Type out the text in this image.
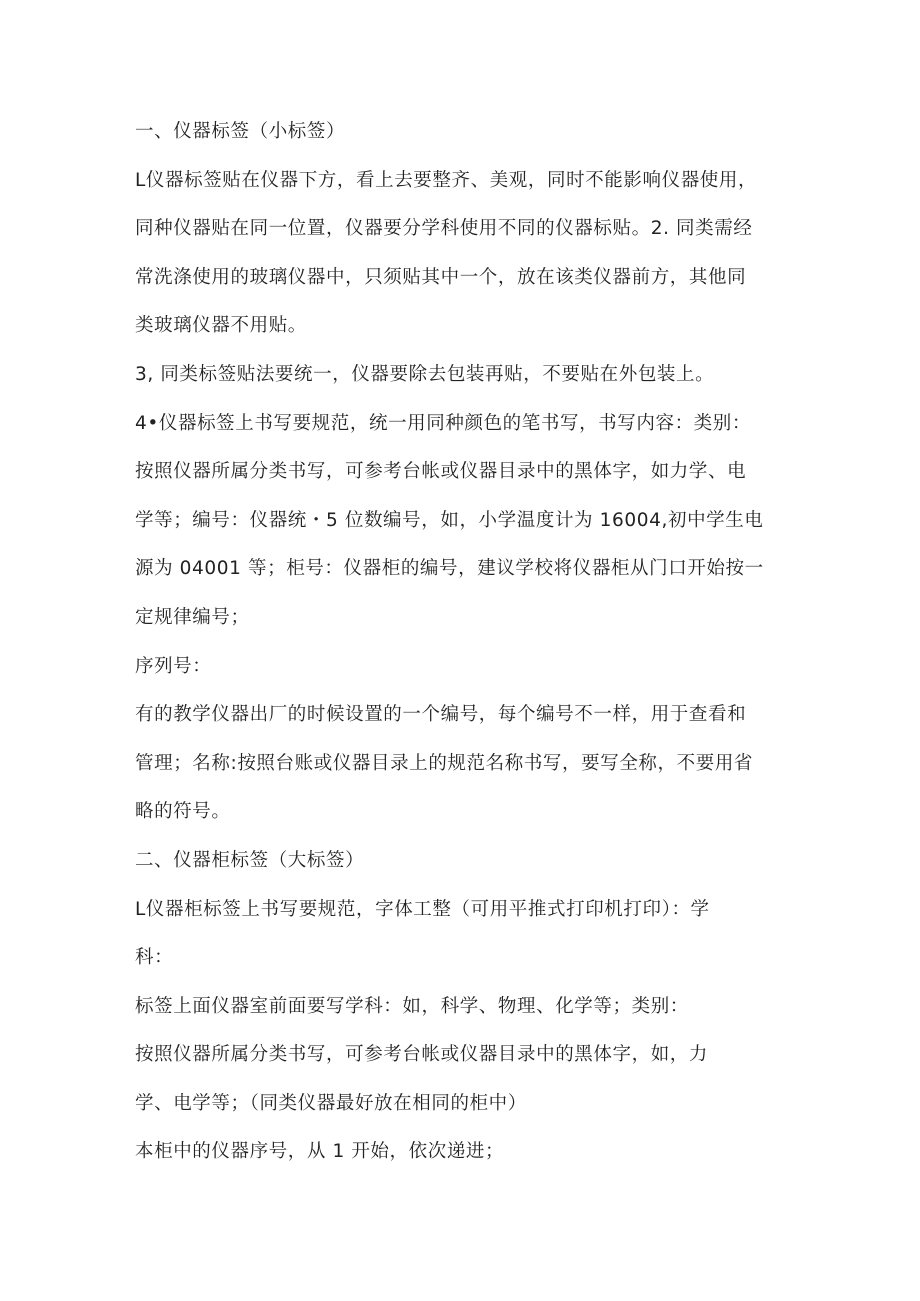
一、仪器标签（小标签）
L仪器标签贴在仪器下方，看上去要整齐、美观，同时不能影响仪器使用，
同种仪器贴在同一位置，仪器要分学科使用不同的仪器标贴。2. 同类需经
常洗涤使用的玻璃仪器中，只须贴其中一个，放在该类仪器前方，其他同
类玻璃仪器不用贴。
3, 同类标签贴法要统一，仪器要除去包装再贴，不要贴在外包装上。
4•仪器标签上书写要规范，统一用同种颜色的笔书写，书写内容：类别：
按照仪器所属分类书写，可参考台帐或仪器目录中的黑体字，如力学、电
学等；编号：仪器统・5 位数编号，如，小学温度计为 16004,初中学生电
源为 04001 等；柜号：仪器柜的编号，建议学校将仪器柜从门口开始按一
定规律编号；
序列号：
有的教学仪器出厂的时候设置的一个编号，每个编号不一样，用于查看和
管理；名称:按照台账或仪器目录上的规范名称书写，要写全称，不要用省
略的符号。
二、仪器柜标签（大标签）
L仪器柜标签上书写要规范，字体工整（可用平推式打印机打印）：学
科：
标签上面仪器室前面要写学科：如，科学、物理、化学等；类别：
按照仪器所属分类书写，可参考台帐或仪器目录中的黑体字，如，力
学、电学等；（同类仪器最好放在相同的柜中）
本柜中的仪器序号，从 1 开始，依次递进；
